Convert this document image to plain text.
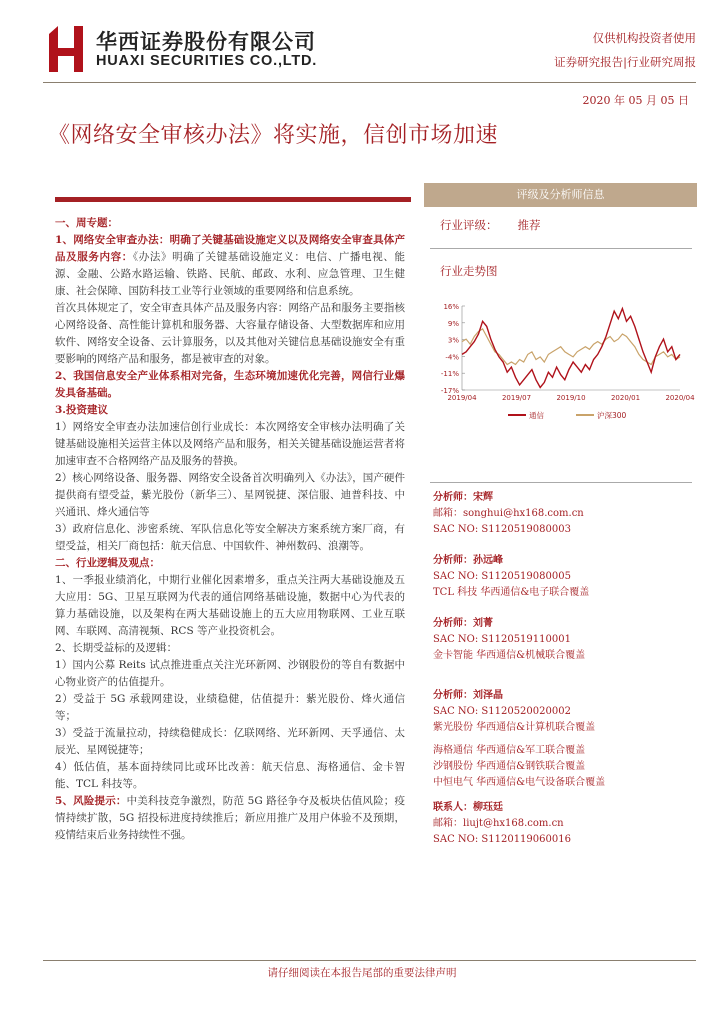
华西证券股份有限公司
HUAXI SECURITIES CO.,LTD.
仅供机构投资者使用
证券研究报告|行业研究周报
2020 年 05 月 05 日
《网络安全审核办法》将实施，信创市场加速

一、周专题：

1、网络安全审查办法：明确了关键基础设施定义以及网络安全审查具体产品及服务内容：《办法》明确了关键基础设施定义：电信、广播电视、能源、金融、公路水路运输、铁路、民航、邮政、水利、应急管理、卫生健康、社会保障、国防科技工业等行业领域的重要网络和信息系统。

首次具体规定了，安全审查具体产品及服务内容：网络产品和服务主要指核心网络设备、高性能计算机和服务器、大容量存储设备、大型数据库和应用软件、网络安全设备、云计算服务，以及其他对关键信息基础设施安全有重要影响的网络产品和服务，都是被审查的对象。

2、我国信息安全产业体系相对完备，生态环境加速优化完善，网信行业爆发具备基础。

3.投资建议

1）网络安全审查办法加速信创行业成长：本次网络安全审核办法明确了关键基础设施相关运营主体以及网络产品和服务，相关关键基础设施运营者将加速审查不合格网络产品及服务的替换。

2）核心网络设备、服务器、网络安全设备首次明确列入《办法》，国产硬件提供商有望受益，紫光股份（新华三）、星网锐捷、深信服、迪普科技、中兴通讯、烽火通信等

3）政府信息化、涉密系统、军队信息化等安全解决方案系统方案厂商，有望受益，相关厂商包括：航天信息、中国软件、神州数码、浪潮等。

二、行业逻辑及观点：

1、一季报业绩消化，中期行业催化因素增多，重点关注两大基础设施及五大应用：5G、卫星互联网为代表的通信网络基础设施，数据中心为代表的算力基础设施，以及架构在两大基础设施上的五大应用物联网、工业互联网、车联网、高清视频、RCS 等产业投资机会。

2、长期受益标的及逻辑：

1）国内公募 Reits 试点推进重点关注光环新网、沙钢股份的等自有数据中心物业资产的估值提升。

2）受益于 5G 承载网建设，业绩稳健，估值提升：紫光股份、烽火通信等；

3）受益于流量拉动，持续稳健成长：亿联网络、光环新网、天孚通信、太辰光、星网锐捷等；

4）低估值，基本面持续同比或环比改善：航天信息、海格通信、金卡智能、TCL 科技等。

5、风险提示：中美科技竞争激烈，防范 5G 路径争夺及板块估值风险；疫情持续扩散，5G 招投标进度持续推后；新应用推广及用户体验不及预期，疫情结束后业务持续性不强。

评级及分析师信息
行业评级： 推荐
行业走势图
16%
9%
3%
-4%
-11%
-17%
2019/04	2019/07	2019/10	2020/01	2020/04
通信	沪深300
分析师：宋辉
邮箱：songhui@hx168.com.cn
SAC NO: S1120519080003
分析师：孙远峰
SAC NO: S1120519080005
TCL 科技 华西通信&电子联合覆盖
分析师：刘菁
SAC NO: S1120519110001
金卡智能 华西通信&机械联合覆盖
分析师：刘泽晶
SAC NO: S1120520020002
紫光股份 华西通信&计算机联合覆盖
海格通信 华西通信&军工联合覆盖
沙钢股份 华西通信&钢铁联合覆盖
中恒电气 华西通信&电气设备联合覆盖
联系人：柳珏廷
邮箱：liujt@hx168.com.cn
SAC NO: S1120119060016
请仔细阅读在本报告尾部的重要法律声明
